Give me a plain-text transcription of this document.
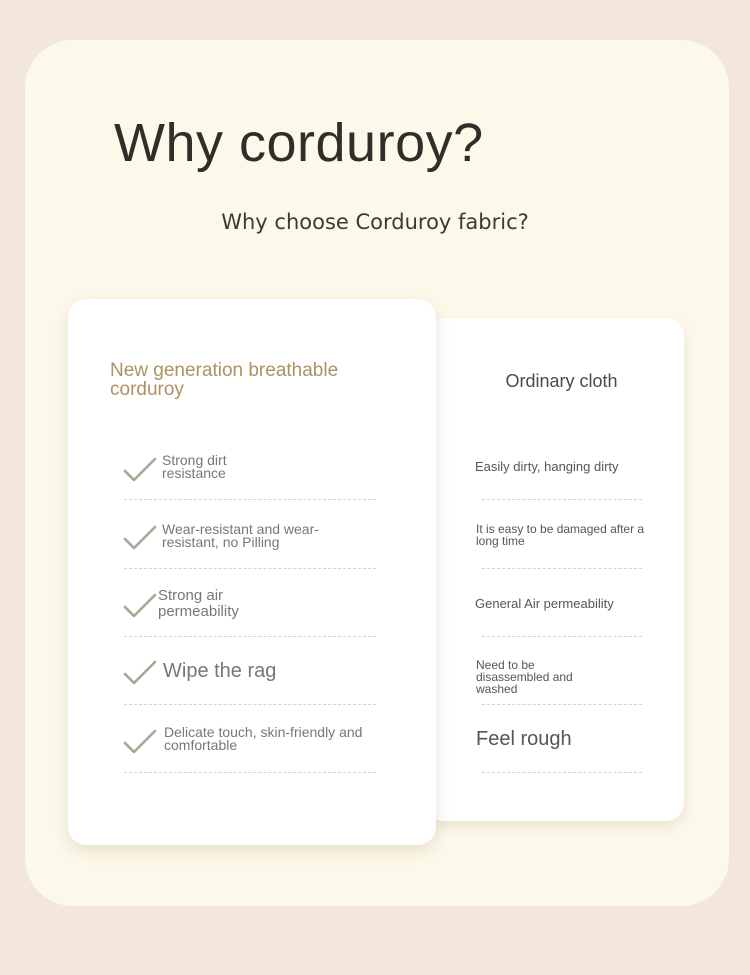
Why corduroy?
Why choose Corduroy fabric?
New generation breathable
corduroy	Ordinary cloth
Strong dirt
resistance
Wear-resistant and wear-
resistant, no Pilling
Strong air
permeability
Wipe the rag
Delicate touch, skin-friendly and
comfortable
Easily dirty, hanging dirty
It is easy to be damaged after a
long time
General Air permeability
Need to be
disassembled and
washed
Feel rough
